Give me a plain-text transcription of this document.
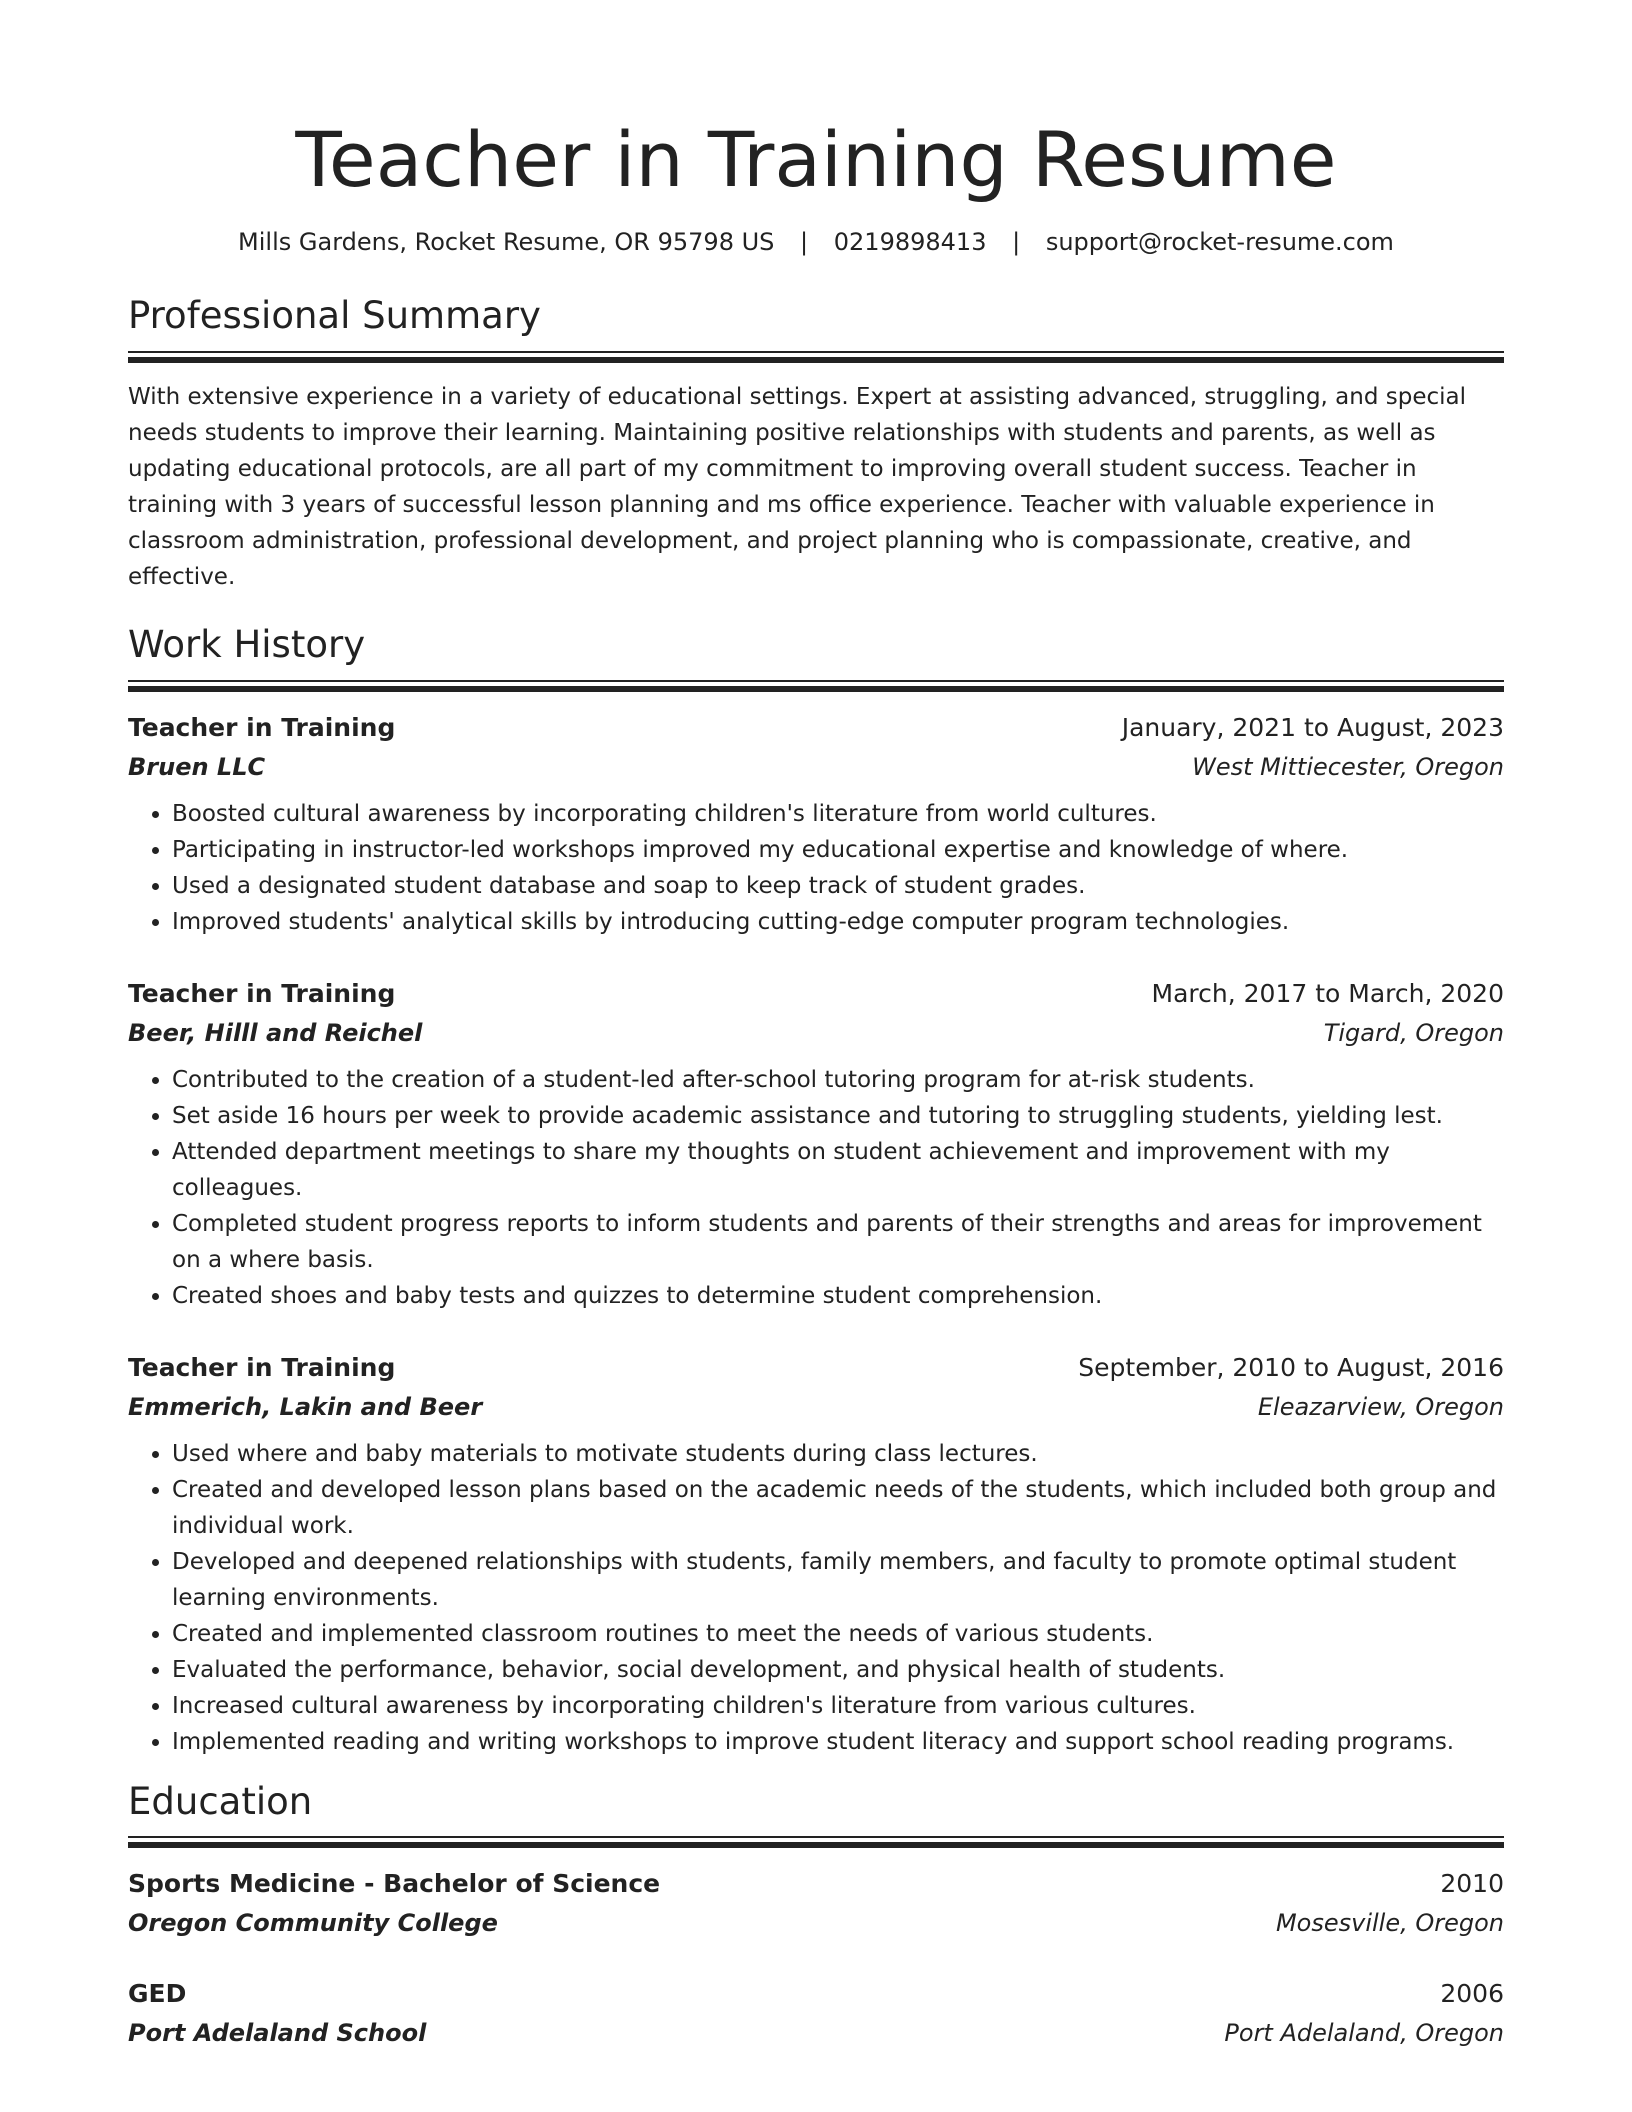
Teacher in Training Resume
Mills Gardens, Rocket Resume, OR 95798 US | 0219898413 | support@rocket-resume.com
Professional Summary

With extensive experience in a variety of educational settings. Expert at assisting advanced, struggling, and special needs students to improve their learning. Maintaining positive relationships with students and parents, as well as updating educational protocols, are all part of my commitment to improving overall student success. Teacher in training with 3 years of successful lesson planning and ms office experience. Teacher with valuable experience in classroom administration, professional development, and project planning who is compassionate, creative, and effective.

Work History
Teacher in Training	January, 2021 to August, 2023
Bruen LLC	West Mittiecester, Oregon
• Boosted cultural awareness by incorporating children's literature from world cultures.
• Participating in instructor-led workshops improved my educational expertise and knowledge of where.
• Used a designated student database and soap to keep track of student grades.
• Improved students' analytical skills by introducing cutting-edge computer program technologies.
Teacher in Training	March, 2017 to March, 2020
Beer, Hilll and Reichel	Tigard, Oregon
• Contributed to the creation of a student-led after-school tutoring program for at-risk students.
• Set aside 16 hours per week to provide academic assistance and tutoring to struggling students, yielding lest.
• Attended department meetings to share my thoughts on student achievement and improvement with my colleagues.
• Completed student progress reports to inform students and parents of their strengths and areas for improvement on a where basis.
• Created shoes and baby tests and quizzes to determine student comprehension.
Teacher in Training	September, 2010 to August, 2016
Emmerich, Lakin and Beer	Eleazarview, Oregon
• Used where and baby materials to motivate students during class lectures.
• Created and developed lesson plans based on the academic needs of the students, which included both group and individual work.
• Developed and deepened relationships with students, family members, and faculty to promote optimal student learning environments.
• Created and implemented classroom routines to meet the needs of various students.
• Evaluated the performance, behavior, social development, and physical health of students.
• Increased cultural awareness by incorporating children's literature from various cultures.
• Implemented reading and writing workshops to improve student literacy and support school reading programs.
Education
Sports Medicine - Bachelor of Science	2010
Oregon Community College	Mosesville, Oregon
GED	2006
Port Adelaland School	Port Adelaland, Oregon
